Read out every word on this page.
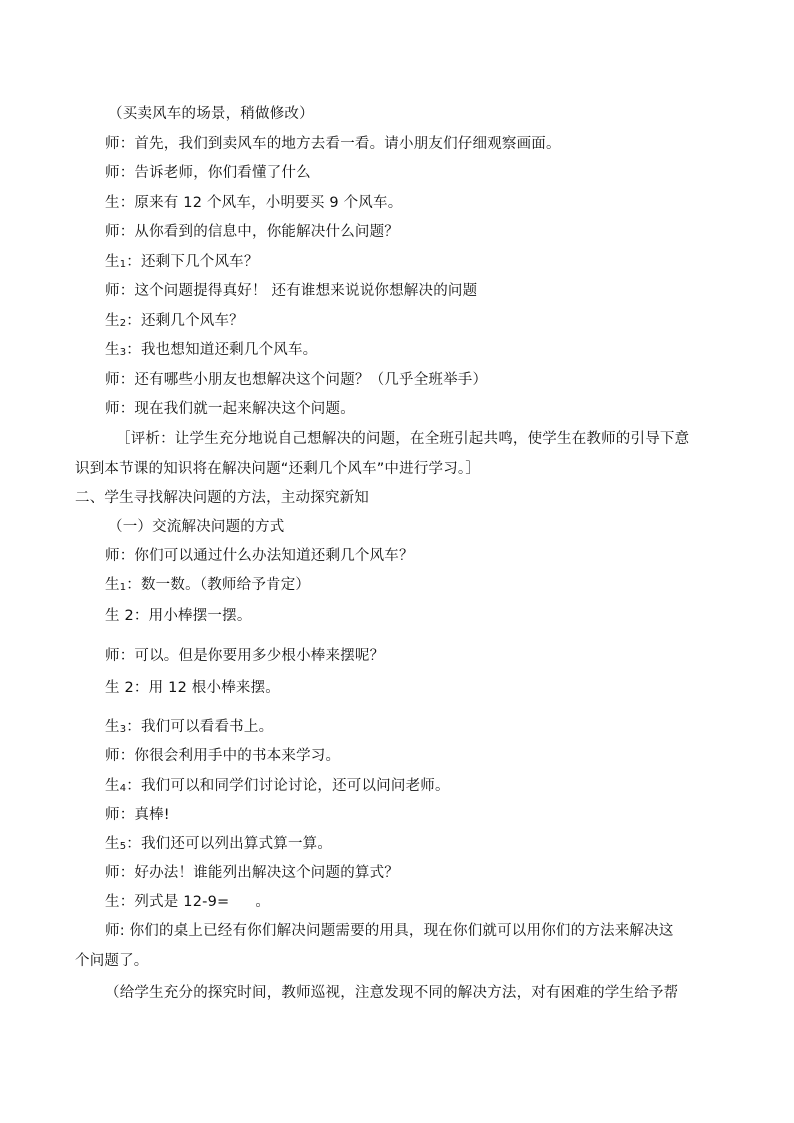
（买卖风车的场景，稍做修改）
师：首先，我们到卖风车的地方去看一看。请小朋友们仔细观察画面。
师：告诉老师，你们看懂了什么
生：原来有 12 个风车，小明要买 9 个风车。
师：从你看到的信息中，你能解决什么问题？
生1：还剩下几个风车？
师：这个问题提得真好！ 还有谁想来说说你想解决的问题
生2：还剩几个风车？
生3：我也想知道还剩几个风车。
师：还有哪些小朋友也想解决这个问题？（几乎全班举手）
师：现在我们就一起来解决这个问题。
［评析：让学生充分地说自己想解决的问题，在全班引起共鸣，使学生在教师的引导下意
识到本节课的知识将在解决问题“还剩几个风车”中进行学习。］
二、学生寻找解决问题的方法，主动探究新知
（一）交流解决问题的方式
师：你们可以通过什么办法知道还剩几个风车？
生1：数一数。（教师给予肯定）
生 2：用小棒摆一摆。
师：可以。但是你要用多少根小棒来摆呢？
生 2：用 12 根小棒来摆。
生3：我们可以看看书上。
师：你很会利用手中的书本来学习。
生4：我们可以和同学们讨论讨论，还可以问问老师。
师：真棒!
生5：我们还可以列出算式算一算。
师：好办法！谁能列出解决这个问题的算式？
生：列式是 12-9= 。
师: 你们的桌上已经有你们解决问题需要的用具，现在你们就可以用你们的方法来解决这
个问题了。
（给学生充分的探究时间，教师巡视，注意发现不同的解决方法，对有困难的学生给予帮
